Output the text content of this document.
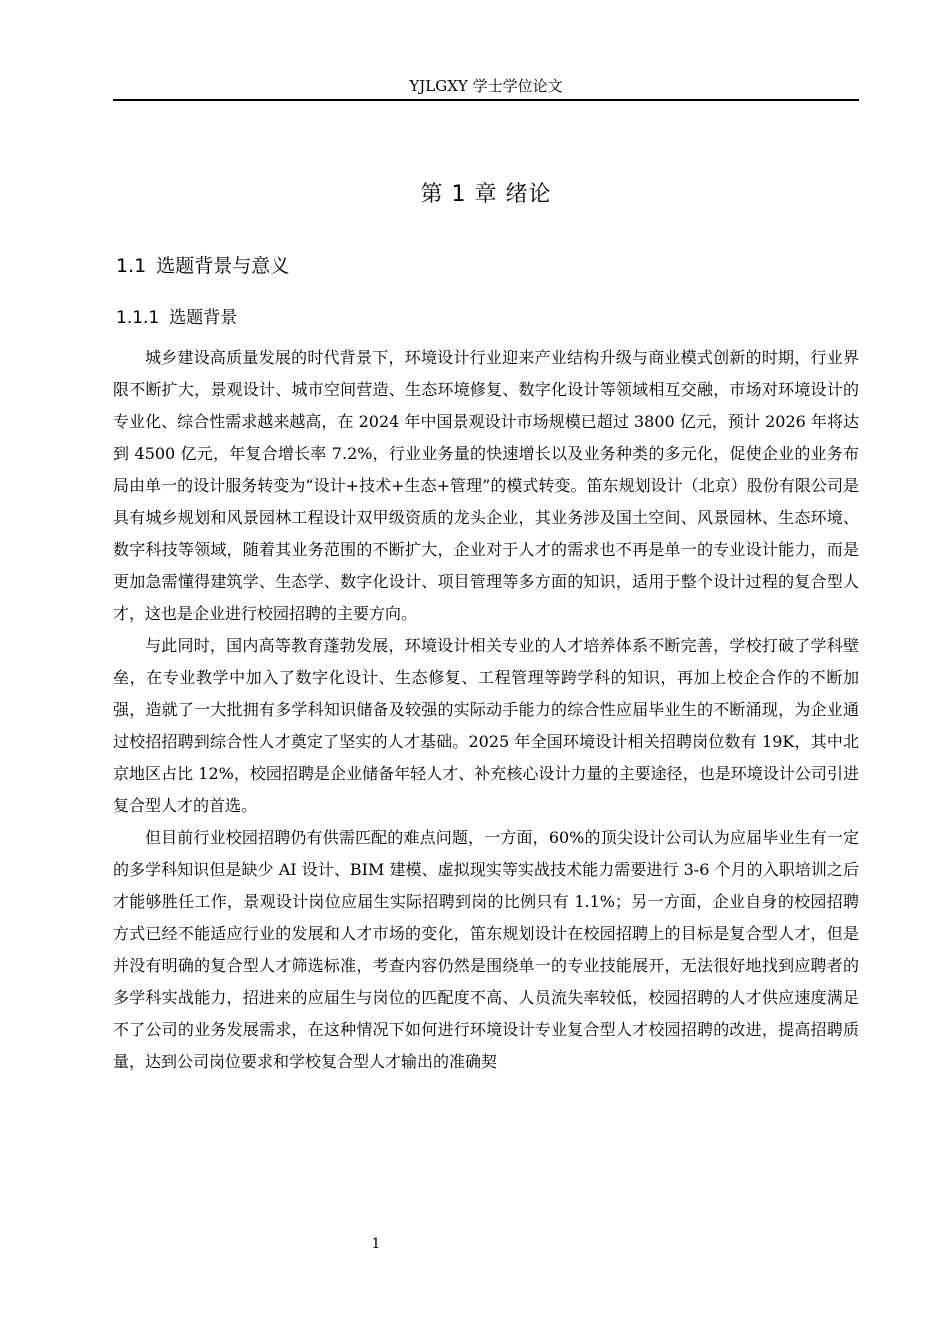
YJLGXY 学士学位论文
第 1 章 绪论
1.1 选题背景与意义
1.1.1 选题背景

城乡建设高质量发展的时代背景下，环境设计行业迎来产业结构升级与商业模式创新的时期，行业界限不断扩大，景观设计、城市空间营造、生态环境修复、数字化设计等领域相互交融，市场对环境设计的专业化、综合性需求越来越高，在 2024 年中国景观设计市场规模已超过 3800 亿元，预计 2026 年将达到 4500 亿元，年复合增长率 7.2%，行业业务量的快速增长以及业务种类的多元化，促使企业的业务布局由单一的设计服务转变为“设计+技术+生态+管理”的模式转变。笛东规划设计（北京）股份有限公司是具有城乡规划和风景园林工程设计双甲级资质的龙头企业，其业务涉及国土空间、风景园林、生态环境、数字科技等领域，随着其业务范围的不断扩大，企业对于人才的需求也不再是单一的专业设计能力，而是更加急需懂得建筑学、生态学、数字化设计、项目管理等多方面的知识，适用于整个设计过程的复合型人才，这也是企业进行校园招聘的主要方向。

与此同时，国内高等教育蓬勃发展，环境设计相关专业的人才培养体系不断完善，学校打破了学科壁垒，在专业教学中加入了数字化设计、生态修复、工程管理等跨学科的知识，再加上校企合作的不断加强，造就了一大批拥有多学科知识储备及较强的实际动手能力的综合性应届毕业生的不断涌现，为企业通过校招招聘到综合性人才奠定了坚实的人才基础。2025 年全国环境设计相关招聘岗位数有 19K，其中北京地区占比 12%，校园招聘是企业储备年轻人才、补充核心设计力量的主要途径，也是环境设计公司引进复合型人才的首选。

但目前行业校园招聘仍有供需匹配的难点问题，一方面，60%的顶尖设计公司认为应届毕业生有一定的多学科知识但是缺少 AI 设计、BIM 建模、虚拟现实等实战技术能力需要进行 3-6 个月的入职培训之后才能够胜任工作，景观设计岗位应届生实际招聘到岗的比例只有 1.1%；另一方面，企业自身的校园招聘方式已经不能适应行业的发展和人才市场的变化，笛东规划设计在校园招聘上的目标是复合型人才，但是并没有明确的复合型人才筛选标准，考查内容仍然是围绕单一的专业技能展开，无法很好地找到应聘者的多学科实战能力，招进来的应届生与岗位的匹配度不高、人员流失率较低，校园招聘的人才供应速度满足不了公司的业务发展需求，在这种情况下如何进行环境设计专业复合型人才校园招聘的改进，提高招聘质量，达到公司岗位要求和学校复合型人才输出的准确契

1
